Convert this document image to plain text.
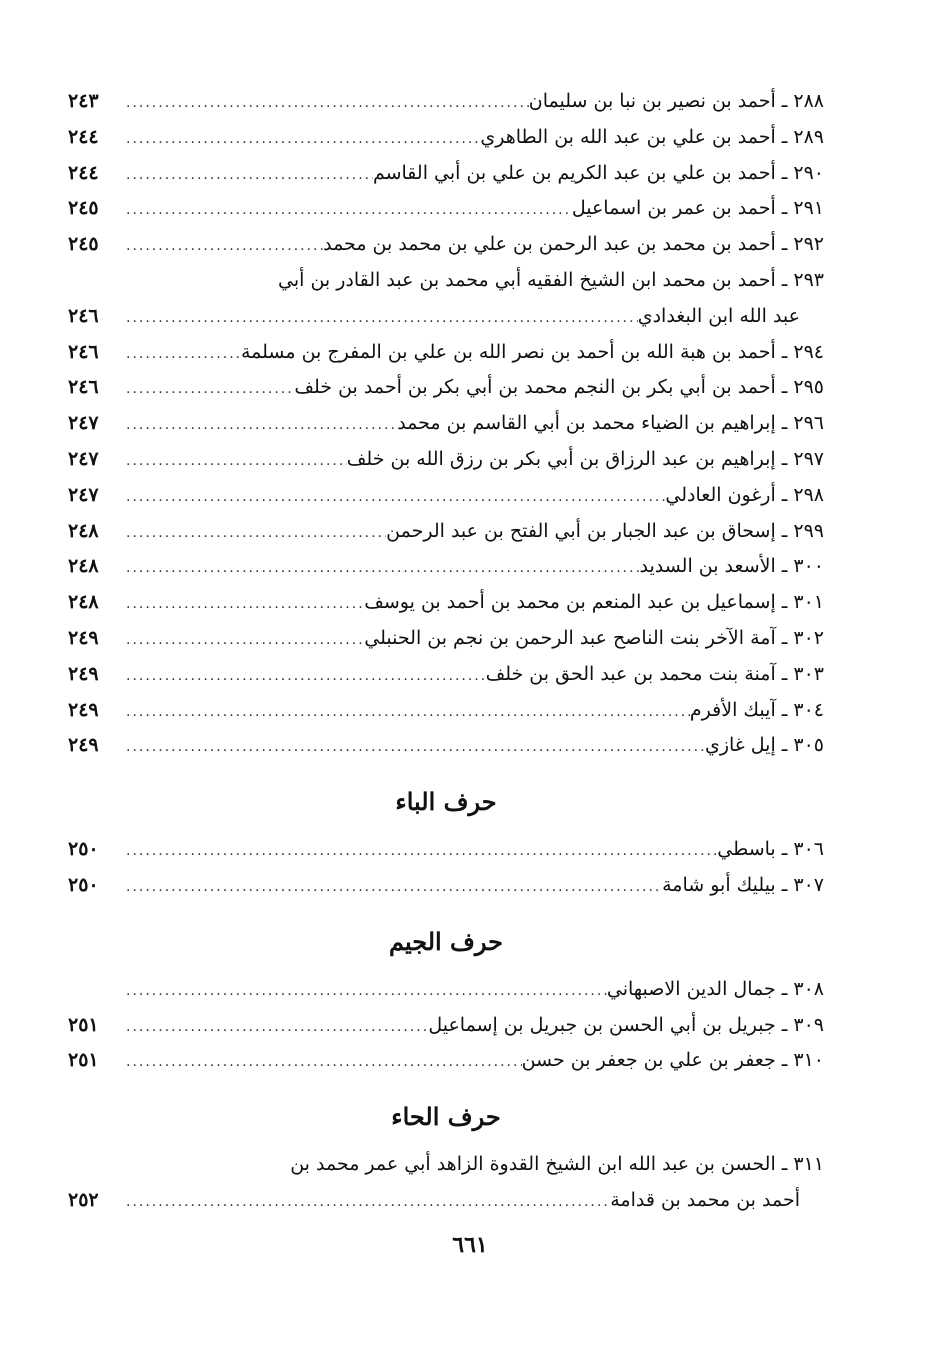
٢٨٨ ـ أحمد بن نصير بن نبا بن سليمان
.....
٢٤٣
٢٨٩ ـ أحمد بن علي بن عبد الله بن الطاهري
.....
٢٤٤
٢٩٠ ـ أحمد بن علي بن عبد الكريم بن علي بن أبي القاسم
.....
٢٤٤
٢٩١ ـ أحمد بن عمر بن اسماعيل
.....
٢٤٥
٢٩٢ ـ أحمد بن محمد بن عبد الرحمن بن علي بن محمد بن محمد
.....
٢٤٥
٢٩٣ ـ أحمد بن محمد ابن الشيخ الفقيه أبي محمد بن عبد القادر بن أبي
عبد الله ابن البغدادي
.....
٢٤٦
٢٩٤ ـ أحمد بن هبة الله بن أحمد بن نصر الله بن علي بن المفرج بن مسلمة
.....
٢٤٦
٢٩٥ ـ أحمد بن أبي بكر بن النجم محمد بن أبي بكر بن أحمد بن خلف
.....
٢٤٦
٢٩٦ ـ إبراهيم بن الضياء محمد بن أبي القاسم بن محمد
.....
٢٤٧
٢٩٧ ـ إبراهيم بن عبد الرزاق بن أبي بكر بن رزق الله بن خلف
.....
٢٤٧
٢٩٨ ـ أرغون العادلي
.....
٢٤٧
٢٩٩ ـ إسحاق بن عبد الجبار بن أبي الفتح بن عبد الرحمن
.....
٢٤٨
٣٠٠ ـ الأسعد بن السديد
.....
٢٤٨
٣٠١ ـ إسماعيل بن عبد المنعم بن محمد بن أحمد بن يوسف
.....
٢٤٨
٣٠٢ ـ آمة الآخر بنت الناصح عبد الرحمن بن نجم بن الحنبلي
.....
٢٤٩
٣٠٣ ـ آمنة بنت محمد بن عبد الحق بن خلف
.....
٢٤٩
٣٠٤ ـ آيبك الأفرم
.....
٢٤٩
٣٠٥ ـ إيل غازي
.....
٢٤٩
حرف الباء
٣٠٦ ـ باسطي
.....
٢٥٠
٣٠٧ ـ بيليك أبو شامة
.....
٢٥٠
حرف الجيم
٣٠٨ ـ جمال الدين الاصبهاني
.....
٣٠٩ ـ جبريل بن أبي الحسن بن جبريل بن إسماعيل
.....
٢٥١
٣١٠ ـ جعفر بن علي بن جعفر بن حسن
.....
٢٥١
حرف الحاء
٣١١ ـ الحسن بن عبد الله ابن الشيخ القدوة الزاهد أبي عمر محمد بن
أحمد بن محمد بن قدامة
.....
٢٥٢
٦٦١
